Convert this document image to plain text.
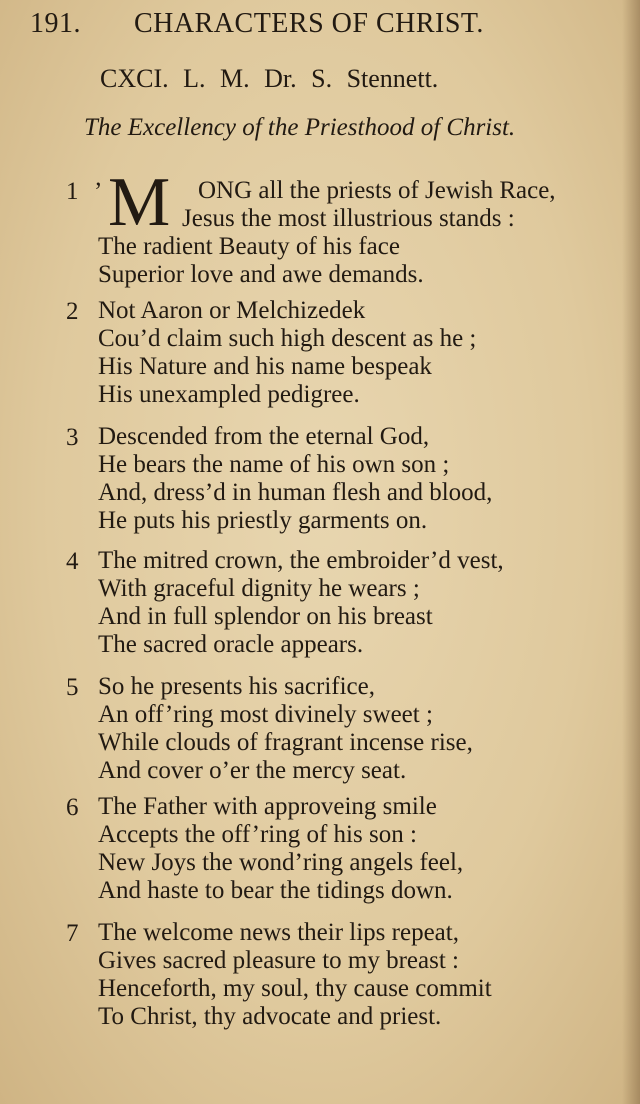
191. CHARACTERS OF CHRIST.
CXCI. L. M. Dr. S. Stennett.
The Excellency of the Priesthood of Christ.
1 ’ M ONG all the priests of Jewish Race,
Jesus the most illustrious stands :
The radient Beauty of his face
Superior love and awe demands.
2 Not Aaron or Melchizedek
Cou’d claim such high descent as he ;
His Nature and his name bespeak
His unexampled pedigree.
3 Descended from the eternal God,
He bears the name of his own son ;
And, dress’d in human flesh and blood,
He puts his priestly garments on.
4 The mitred crown, the embroider’d vest,
With graceful dignity he wears ;
And in full splendor on his breast
The sacred oracle appears.
5 So he presents his sacrifice,
An off’ring most divinely sweet ;
While clouds of fragrant incense rise,
And cover o’er the mercy seat.
6 The Father with approveing smile
Accepts the off’ring of his son :
New Joys the wond’ring angels feel,
And haste to bear the tidings down.
7 The welcome news their lips repeat,
Gives sacred pleasure to my breast :
Henceforth, my soul, thy cause commit
To Christ, thy advocate and priest.
